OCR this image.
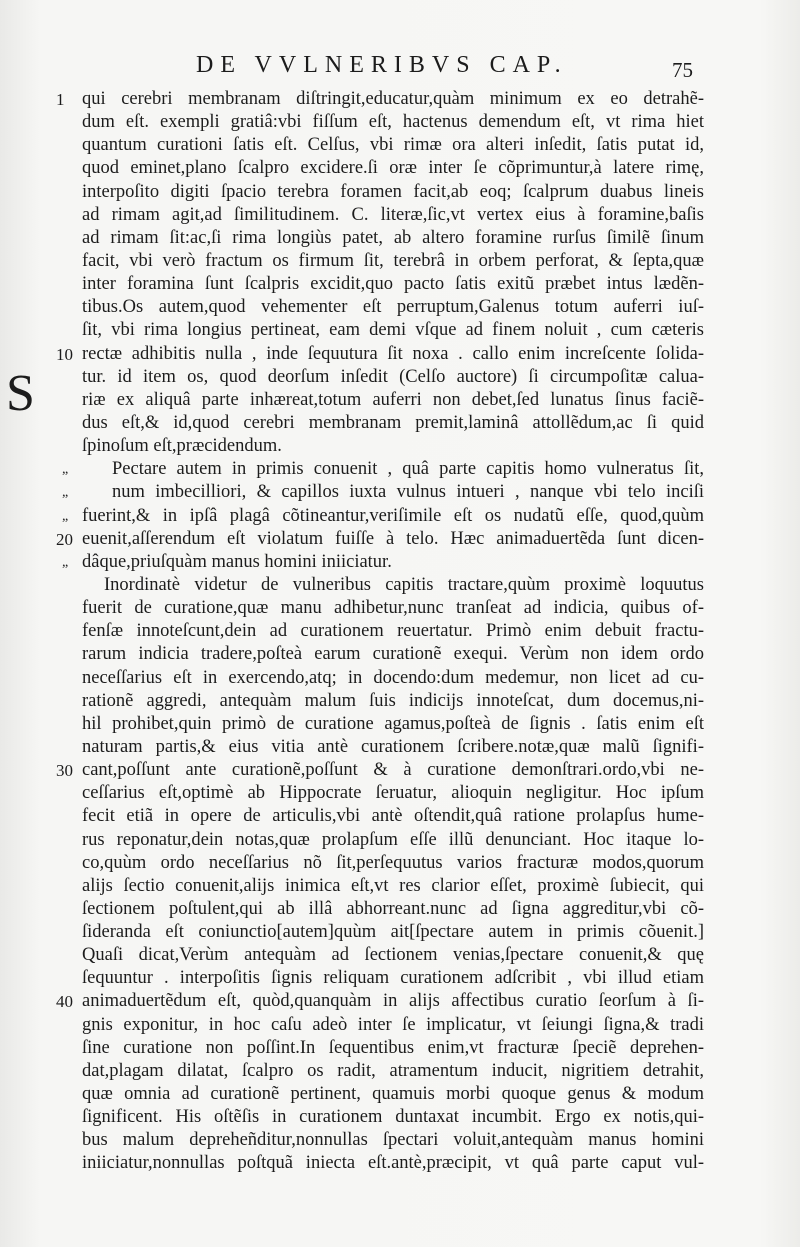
DE VVLNERIBVS CAP.	75
S
1 qui cerebri membranam diſtringit,educatur,quàm minimum ex eo detrahẽ-
dum eſt. exempli gratiâ:vbi fiſſum eſt, hactenus demendum eſt, vt rima hiet
quantum curationi ſatis eſt. Celſus, vbi rimæ ora alteri inſedit, ſatis putat id,
quod eminet,plano ſcalpro excidere.ſi oræ inter ſe cõprimuntur,à latere rimę,
interpoſito digiti ſpacio terebra foramen facit,ab eoq; ſcalprum duabus lineis
ad rimam agit,ad ſimilitudinem. C. literæ,ſic,vt vertex eius à foramine,baſis
ad rimam ſit:ac,ſi rima longiùs patet, ab altero foramine rurſus ſimilẽ ſinum
facit, vbi verò fractum os firmum ſit, terebrâ in orbem perforat, & ſepta,quæ
inter foramina ſunt ſcalpris excidit,quo pacto ſatis exitũ præbet intus lædẽn-
tibus.Os autem,quod vehementer eſt perruptum,Galenus totum auferri iuſ-
ſit, vbi rima longius pertineat, eam demi vſque ad finem noluit , cum cæteris
10 rectæ adhibitis nulla , inde ſequutura ſit noxa . callo enim increſcente ſolida-
tur. id item os, quod deorſum inſedit (Celſo auctore) ſi circumpoſitæ calua-
riæ ex aliquâ parte inhæreat,totum auferri non debet,ſed lunatus ſinus faciẽ-
dus eſt,& id,quod cerebri membranam premit,laminâ attollẽdum,ac ſi quid
ſpinoſum eſt,præcidendum.
„ Pectare autem in primis conuenit , quâ parte capitis homo vulneratus ſit,
„ num imbecilliori, & capillos iuxta vulnus intueri , nanque vbi telo inciſi
„ fuerint,& in ipſâ plagâ cõtineantur,veriſimile eſt os nudatũ eſſe, quod,quùm
20 euenit,aſſerendum eſt violatum fuiſſe à telo. Hæc animaduertẽda ſunt dicen-
„ dâque,priuſquàm manus homini iniiciatur.
Inordinatè videtur de vulneribus capitis tractare,quùm proximè loquutus
fuerit de curatione,quæ manu adhibetur,nunc tranſeat ad indicia, quibus of-
fenſæ innoteſcunt,dein ad curationem reuertatur. Primò enim debuit fractu-
rarum indicia tradere,poſteà earum curationẽ exequi. Verùm non idem ordo
neceſſarius eſt in exercendo,atq; in docendo:dum medemur, non licet ad cu-
rationẽ aggredi, antequàm malum ſuis indicijs innoteſcat, dum docemus,ni-
hil prohibet,quin primò de curatione agamus,poſteà de ſignis . ſatis enim eſt
naturam partis,& eius vitia antè curationem ſcribere.notæ,quæ malũ ſignifi-
30 cant,poſſunt ante curationẽ,poſſunt & à curatione demonſtrari.ordo,vbi ne-
ceſſarius eſt,optimè ab Hippocrate ſeruatur, alioquin negligitur. Hoc ipſum
fecit etiã in opere de articulis,vbi antè oſtendit,quâ ratione prolapſus hume-
rus reponatur,dein notas,quæ prolapſum eſſe illũ denunciant. Hoc itaque lo-
co,quùm ordo neceſſarius nõ ſit,perſequutus varios fracturæ modos,quorum
alijs ſectio conuenit,alijs inimica eſt,vt res clarior eſſet, proximè ſubiecit, qui
ſectionem poſtulent,qui ab illâ abhorreant.nunc ad ſigna aggreditur,vbi cõ-
ſideranda eſt coniunctio[autem]quùm ait[ſpectare autem in primis cõuenit.]
Quaſi dicat,Verùm antequàm ad ſectionem venias,ſpectare conuenit,& quę
ſequuntur . interpoſitis ſignis reliquam curationem adſcribit , vbi illud etiam
40 animaduertẽdum eſt, quòd,quanquàm in alijs affectibus curatio ſeorſum à ſi-
gnis exponitur, in hoc caſu adeò inter ſe implicatur, vt ſeiungi ſigna,& tradi
ſine curatione non poſſint.In ſequentibus enim,vt fracturæ ſpeciẽ deprehen-
dat,plagam dilatat, ſcalpro os radit, atramentum inducit, nigritiem detrahit,
quæ omnia ad curationẽ pertinent, quamuis morbi quoque genus & modum
ſignificent. His oſtẽſis in curationem duntaxat incumbit. Ergo ex notis,qui-
bus malum depreheñditur,nonnullas ſpectari voluit,antequàm manus homini
iniiciatur,nonnullas poſtquã iniecta eſt.antè,præcipit, vt quâ parte caput vul-
